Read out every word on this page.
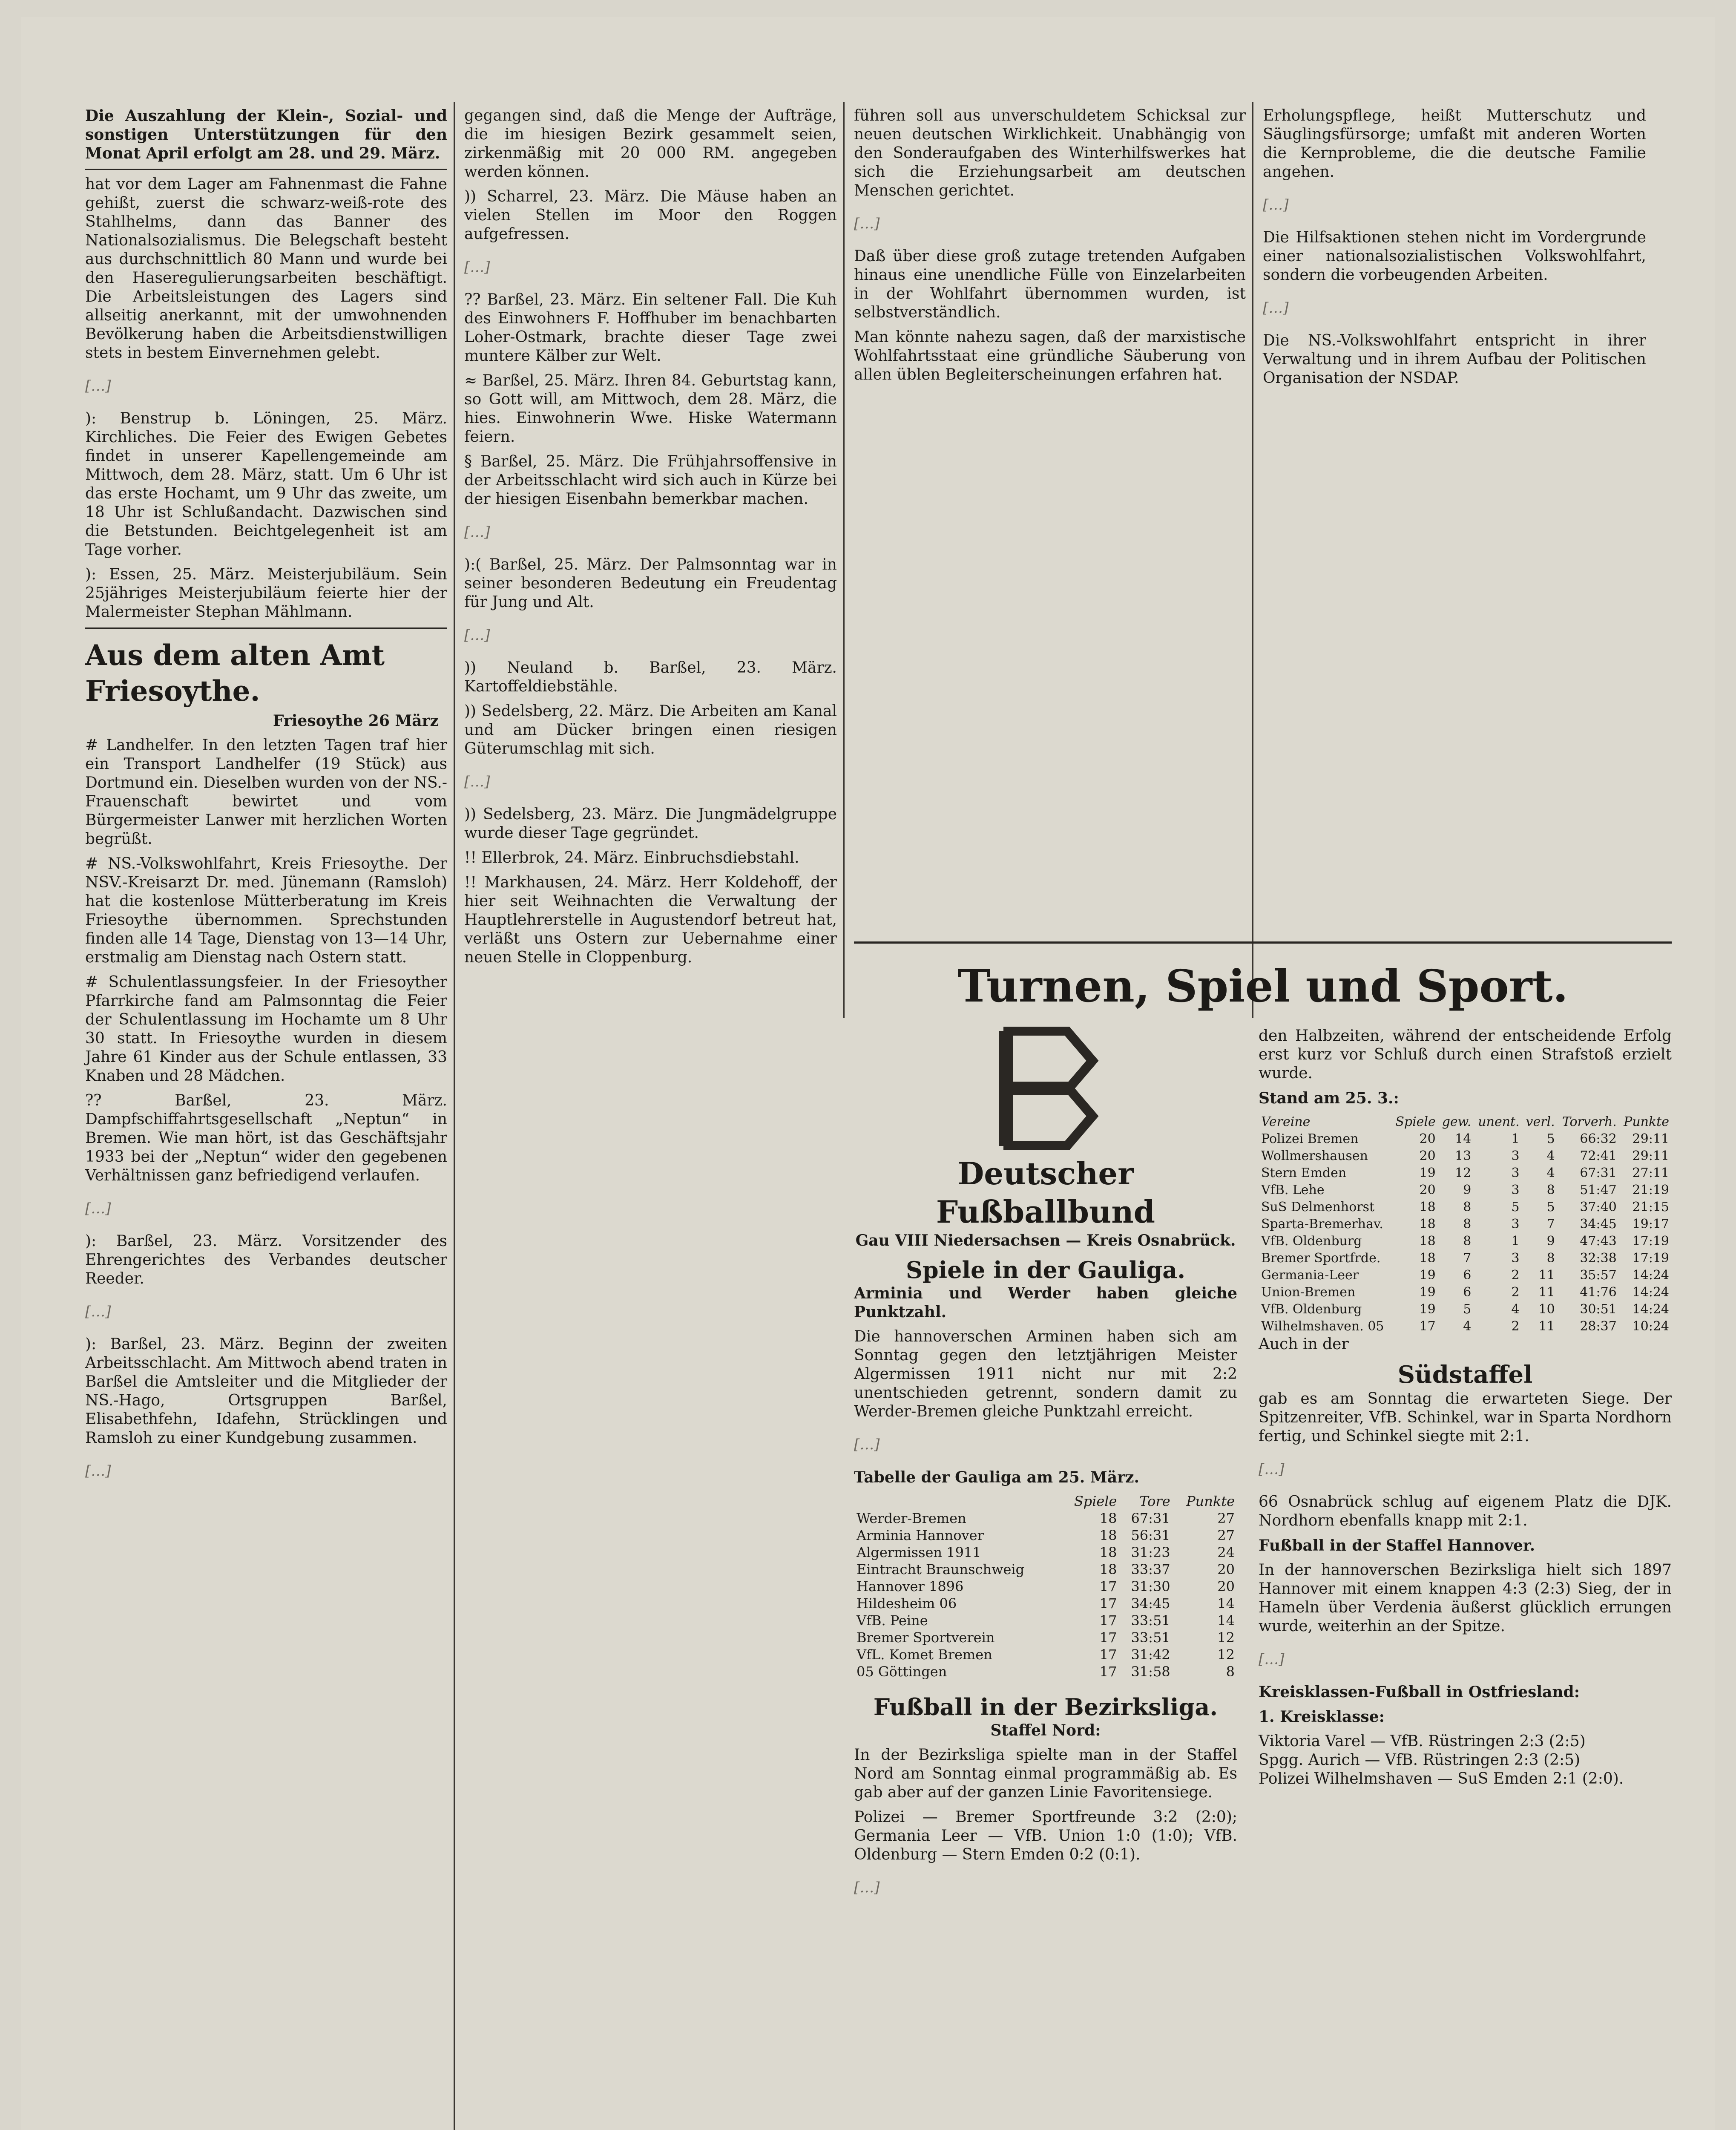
Die Auszahlung der Klein-, Sozial- und sonstigen Unterstützungen für den Monat April erfolgt am 28. und 29. März.

hat vor dem Lager am Fahnenmast die Fahne gehißt, zuerst die schwarz-weiß-rote des Stahlhelms, dann das Banner des Nationalsozialismus. Die Belegschaft besteht aus durchschnittlich 80 Mann und wurde bei den Haseregulierungsarbeiten beschäftigt. Die Arbeitsleistungen des Lagers sind allseitig anerkannt, mit der umwohnenden Bevölkerung haben die Arbeitsdienstwilligen stets in bestem Einvernehmen gelebt.

[…]

): Benstrup b. Löningen, 25. März. Kirchliches. Die Feier des Ewigen Gebetes findet in unserer Kapellengemeinde am Mittwoch, dem 28. März, statt. Um 6 Uhr ist das erste Hochamt, um 9 Uhr das zweite, um 18 Uhr ist Schlußandacht. Dazwischen sind die Betstunden. Beichtgelegenheit ist am Tage vorher.

): Essen, 25. März. Meisterjubiläum. Sein 25jähriges Meisterjubiläum feierte hier der Malermeister Stephan Mählmann.

Aus dem alten Amt Friesoythe.

Friesoythe 26 März

# Landhelfer. In den letzten Tagen traf hier ein Transport Landhelfer (19 Stück) aus Dortmund ein. Dieselben wurden von der NS.-Frauenschaft bewirtet und vom Bürgermeister Lanwer mit herzlichen Worten begrüßt.

# NS.-Volkswohlfahrt, Kreis Friesoythe. Der NSV.-Kreisarzt Dr. med. Jünemann (Ramsloh) hat die kostenlose Mütterberatung im Kreis Friesoythe übernommen. Sprechstunden finden alle 14 Tage, Dienstag von 13—14 Uhr, erstmalig am Dienstag nach Ostern statt.

# Schulentlassungsfeier. In der Friesoyther Pfarrkirche fand am Palmsonntag die Feier der Schulentlassung im Hochamte um 8 Uhr 30 statt. In Friesoythe wurden in diesem Jahre 61 Kinder aus der Schule entlassen, 33 Knaben und 28 Mädchen.

?? Barßel, 23. März. Dampfschiffahrtsgesellschaft „Neptun“ in Bremen. Wie man hört, ist das Geschäftsjahr 1933 bei der „Neptun“ wider den gegebenen Verhältnissen ganz befriedigend verlaufen.

[…]

): Barßel, 23. März. Vorsitzender des Ehrengerichtes des Verbandes deutscher Reeder.

[…]

): Barßel, 23. März. Beginn der zweiten Arbeitsschlacht. Am Mittwoch abend traten in Barßel die Amtsleiter und die Mitglieder der NS.-Hago, Ortsgruppen Barßel, Elisabethfehn, Idafehn, Strücklingen und Ramsloh zu einer Kundgebung zusammen.

[…]

gegangen sind, daß die Menge der Aufträge, die im hiesigen Bezirk gesammelt seien, zirkenmäßig mit 20 000 RM. angegeben werden können.

)) Scharrel, 23. März. Die Mäuse haben an vielen Stellen im Moor den Roggen aufgefressen.

[…]

?? Barßel, 23. März. Ein seltener Fall. Die Kuh des Einwohners F. Hoffhuber im benachbarten Loher-Ostmark, brachte dieser Tage zwei muntere Kälber zur Welt.

≈ Barßel, 25. März. Ihren 84. Geburtstag kann, so Gott will, am Mittwoch, dem 28. März, die hies. Einwohnerin Wwe. Hiske Watermann feiern.

§ Barßel, 25. März. Die Frühjahrsoffensive in der Arbeitsschlacht wird sich auch in Kürze bei der hiesigen Eisenbahn bemerkbar machen.

[…]

):( Barßel, 25. März. Der Palmsonntag war in seiner besonderen Bedeutung ein Freudentag für Jung und Alt.

[…]

)) Neuland b. Barßel, 23. März. Kartoffeldiebstähle.

)) Sedelsberg, 22. März. Die Arbeiten am Kanal und am Dücker bringen einen riesigen Güterumschlag mit sich.

[…]

)) Sedelsberg, 23. März. Die Jungmädelgruppe wurde dieser Tage gegründet.

!! Ellerbrok, 24. März. Einbruchsdiebstahl.

!! Markhausen, 24. März. Herr Koldehoff, der hier seit Weihnachten die Verwaltung der Hauptlehrerstelle in Augustendorf betreut hat, verläßt uns Ostern zur Uebernahme einer neuen Stelle in Cloppenburg.

führen soll aus unverschuldetem Schicksal zur neuen deutschen Wirklichkeit. Unabhängig von den Sonderaufgaben des Winterhilfswerkes hat sich die Erziehungsarbeit am deutschen Menschen gerichtet.

[…]

Daß über diese groß zutage tretenden Aufgaben hinaus eine unendliche Fülle von Einzelarbeiten in der Wohlfahrt übernommen wurden, ist selbstverständlich.

Man könnte nahezu sagen, daß der marxistische Wohlfahrtsstaat eine gründliche Säuberung von allen üblen Begleiterscheinungen erfahren hat.

Erholungspflege, heißt Mutterschutz und Säuglingsfürsorge; umfaßt mit anderen Worten die Kernprobleme, die die deutsche Familie angehen.

[…]

Die Hilfsaktionen stehen nicht im Vordergrunde einer nationalsozialistischen Volkswohlfahrt, sondern die vorbeugenden Arbeiten.

[…]

Die NS.-Volkswohlfahrt entspricht in ihrer Verwaltung und in ihrem Aufbau der Politischen Organisation der NSDAP.

Turnen, Spiel und Sport.
Deutscher Fußballbund

Gau VIII Niedersachsen — Kreis Osnabrück.

Spiele in der Gauliga.

Arminia und Werder haben gleiche Punktzahl.

Die hannoverschen Arminen haben sich am Sonntag gegen den letztjährigen Meister Algermissen 1911 nicht nur mit 2:2 unentschieden getrennt, sondern damit zu Werder-Bremen gleiche Punktzahl erreicht.

[…]

Tabelle der Gauliga am 25. März.

	Spiele	Tore	Punkte
Werder-Bremen	18	67:31	27
Arminia Hannover	18	56:31	27
Algermissen 1911	18	31:23	24
Eintracht Braunschweig	18	33:37	20
Hannover 1896	17	31:30	20
Hildesheim 06	17	34:45	14
VfB. Peine	17	33:51	14
Bremer Sportverein	17	33:51	12
VfL. Komet Bremen	17	31:42	12
05 Göttingen	17	31:58	8
Fußball in der Bezirksliga.

Staffel Nord:

In der Bezirksliga spielte man in der Staffel Nord am Sonntag einmal programmäßig ab. Es gab aber auf der ganzen Linie Favoritensiege.

Polizei — Bremer Sportfreunde 3:2 (2:0); Germania Leer — VfB. Union 1:0 (1:0); VfB. Oldenburg — Stern Emden 0:2 (0:1).

[…]

den Halbzeiten, während der entscheidende Erfolg erst kurz vor Schluß durch einen Strafstoß erzielt wurde.

Stand am 25. 3.:

Vereine	Spiele	gew.	unent.	verl.	Torverh.	Punkte
Polizei Bremen	20	14	1	5	66:32	29:11
Wollmershausen	20	13	3	4	72:41	29:11
Stern Emden	19	12	3	4	67:31	27:11
VfB. Lehe	20	9	3	8	51:47	21:19
SuS Delmenhorst	18	8	5	5	37:40	21:15
Sparta-Bremerhav.	18	8	3	7	34:45	19:17
VfB. Oldenburg	18	8	1	9	47:43	17:19
Bremer Sportfrde.	18	7	3	8	32:38	17:19
Germania-Leer	19	6	2	11	35:57	14:24
Union-Bremen	19	6	2	11	41:76	14:24
VfB. Oldenburg	19	5	4	10	30:51	14:24
Wilhelmshaven. 05	17	4	2	11	28:37	10:24

Auch in der

Südstaffel

gab es am Sonntag die erwarteten Siege. Der Spitzenreiter, VfB. Schinkel, war in Sparta Nordhorn fertig, und Schinkel siegte mit 2:1.

[…]

66 Osnabrück schlug auf eigenem Platz die DJK. Nordhorn ebenfalls knapp mit 2:1.

Fußball in der Staffel Hannover.

In der hannoverschen Bezirksliga hielt sich 1897 Hannover mit einem knappen 4:3 (2:3) Sieg, der in Hameln über Verdenia äußerst glücklich errungen wurde, weiterhin an der Spitze.

[…]

Kreisklassen-Fußball in Ostfriesland:

1. Kreisklasse:

Viktoria Varel — VfB. Rüstringen 2:3 (2:5)

Spgg. Aurich — VfB. Rüstringen 2:3 (2:5)

Polizei Wilhelmshaven — SuS Emden 2:1 (2:0).
